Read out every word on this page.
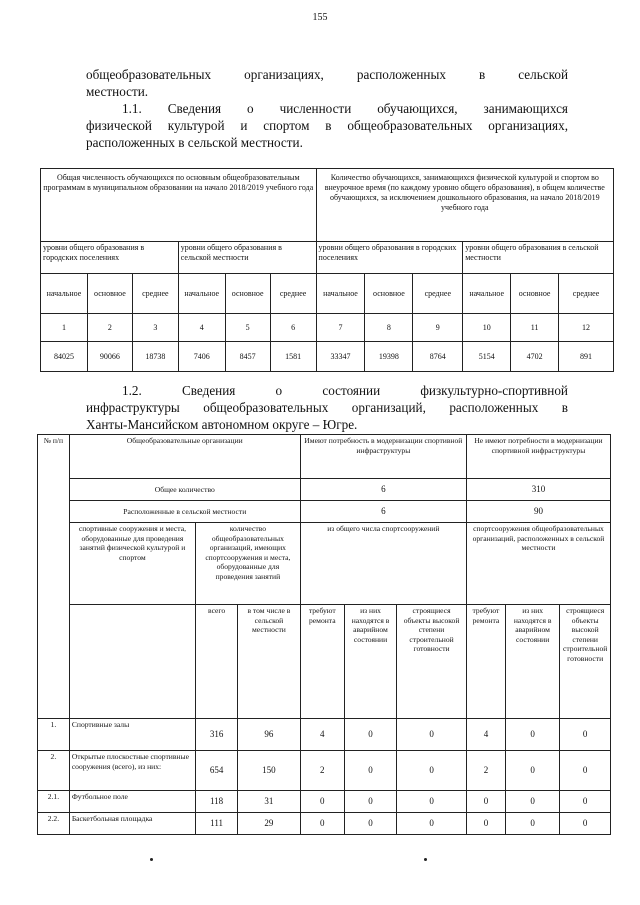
155
общеобразовательных организациях, расположенных в сельской
местности.
1.1. Сведения о численности обучающихся, занимающихся
физической культурой и спортом в общеобразовательных организациях,
расположенных в сельской местности.
Общая численность обучающихся по основным общеобразовательным программам в муниципальном образовании на начало 2018/2019 учебного года						Количество обучающихся, занимающихся физической культурой и спортом во внеурочное время (по каждому уровню общего образования), в общем количестве обучающихся, за исключением дошкольного образования, на начало 2018/2019 учебного года					
уровни общего образования в городских поселениях			уровни общего образования в сельской местности			уровни общего образования в городских поселениях			уровни общего образования в сельской местности		
начальное	основное	среднее	начальное	основное	среднее	начальное	основное	среднее	начальное	основное	среднее
1	2	3	4	5	6	7	8	9	10	11	12
84025	90066	18738	7406	8457	1581	33347	19398	8764	5154	4702	891
1.2. Сведения о состоянии физкультурно-спортивной
инфраструктуры общеобразовательных организаций, расположенных в
Ханты-Мансийском автономном округе – Югре.
№ п/п	Общеобразовательные организации			Имеют потребность в модернизации спортивной инфраструктуры			Не имеют потребности в модернизации спортивной инфраструктуры		
	Общее количество			6			310		
	Расположенные в сельской местности			6			90		
	спортивные сооружения и места, оборудованные для проведения занятий физической культурой и спортом	количество общеобразовательных организаций, имеющих спортсооружения и места, оборудованные для проведения занятий		из общего числа спортсооружений			спортсооружения общеобразовательных организаций, расположенных в сельской местности		

		всего	в том числе в сельской местности	требуют ремонта	из них находятся в аварийном состоянии	строящиеся объекты высокой степени строительной готовности	требуют ремонта	из них находятся в аварийном состоянии	строящиеся объекты высокой степени строительной готовности
1.	Спортивные залы	316	96	4	0	0	4	0	0
2.	Открытые плоскостные спортивные сооружения (всего), из них:	654	150	2	0	0	2	0	0
2.1.	Футбольное поле	118	31	0	0	0	0	0	0
2.2.	Баскетбольная площадка	111	29	0	0	0	0	0	0
